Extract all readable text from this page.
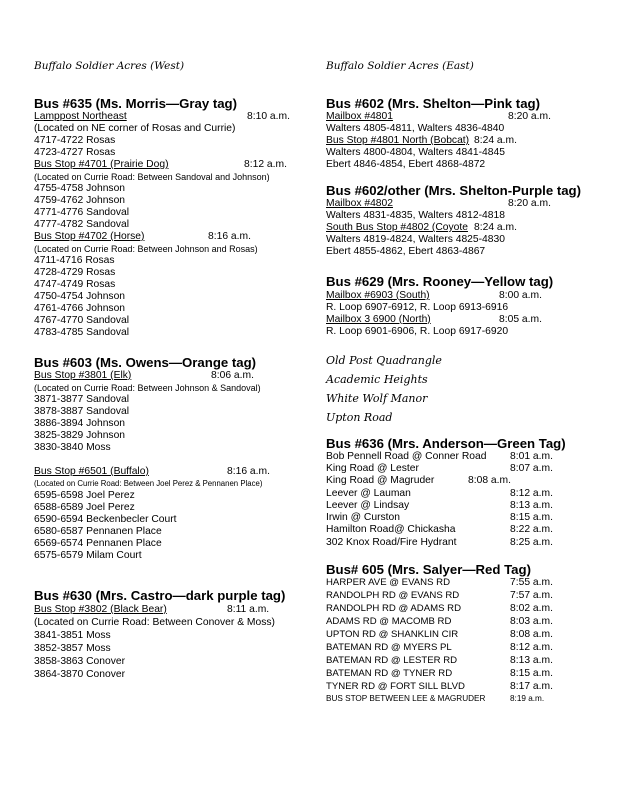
Buffalo Soldier Acres (West)
Bus #635 (Ms. Morris—Gray tag)
Lamppost Northeast	8:10 a.m.
(Located on NE corner of Rosas and Currie)
4717-4722 Rosas
4723-4727 Rosas
Bus Stop #4701 (Prairie Dog)	8:12 a.m.
(Located on Currie Road: Between Sandoval and Johnson)
4755-4758 Johnson
4759-4762 Johnson
4771-4776 Sandoval
4777-4782 Sandoval
Bus Stop #4702 (Horse)	8:16 a.m.
(Located on Currie Road: Between Johnson and Rosas)
4711-4716 Rosas
4728-4729 Rosas
4747-4749 Rosas
4750-4754 Johnson
4761-4766 Johnson
4767-4770 Sandoval
4783-4785 Sandoval
Bus #603 (Ms. Owens—Orange tag)
Bus Stop #3801 (Elk)	8:06 a.m.
(Located on Currie Road: Between Johnson & Sandoval)
3871-3877 Sandoval
3878-3887 Sandoval
3886-3894 Johnson
3825-3829 Johnson
3830-3840 Moss
Bus Stop #6501 (Buffalo)	8:16 a.m.
(Located on Currie Road: Between Joel Perez & Pennanen Place)
6595-6598 Joel Perez
6588-6589 Joel Perez
6590-6594 Beckenbecler Court
6580-6587 Pennanen Place
6569-6574 Pennanen Place
6575-6579 Milam Court
Bus #630 (Mrs. Castro—dark purple tag)
Bus Stop #3802 (Black Bear)	8:11 a.m.
(Located on Currie Road: Between Conover & Moss)
3841-3851 Moss
3852-3857 Moss
3858-3863 Conover
3864-3870 Conover
Buffalo Soldier Acres (East)
Bus #602 (Mrs. Shelton—Pink tag)
Mailbox #4801	8:20 a.m.
Walters 4805-4811, Walters 4836-4840
Bus Stop #4801 North (Bobcat) 8:24 a.m.
Walters 4800-4804, Walters 4841-4845
Ebert 4846-4854, Ebert 4868-4872
Bus #602/other (Mrs. Shelton-Purple tag)
Mailbox #4802	8:20 a.m.
Walters 4831-4835, Walters 4812-4818
South Bus Stop #4802 (Coyote 8:24 a.m.
Walters 4819-4824, Walters 4825-4830
Ebert 4855-4862, Ebert 4863-4867
Bus #629 (Mrs. Rooney—Yellow tag)
Mailbox #6903 (South)	8:00 a.m.
R. Loop 6907-6912, R. Loop 6913-6916
Mailbox 3 6900 (North)	8:05 a.m.
R. Loop 6901-6906, R. Loop 6917-6920
Old Post Quadrangle
Academic Heights
White Wolf Manor
Upton Road
Bus #636 (Mrs. Anderson—Green Tag)
Bob Pennell Road @ Conner Road 8:01 a.m.
King Road @ Lester	8:07 a.m.
King Road @ Magruder	8:08 a.m.
Leever @ Lauman	8:12 a.m.
Leever @ Lindsay	8:13 a.m.
Irwin @ Curston	8:15 a.m.
Hamilton Road@ Chickasha	8:22 a.m.
302 Knox Road/Fire Hydrant	8:25 a.m.
Bus# 605 (Mrs. Salyer—Red Tag)
HARPER AVE @ EVANS RD	7:55 a.m.
RANDOLPH RD @ EVANS RD	7:57 a.m.
RANDOLPH RD @ ADAMS RD	8:02 a.m.
ADAMS RD @ MACOMB RD	8:03 a.m.
UPTON RD @ SHANKLIN CIR	8:08 a.m.
BATEMAN RD @ MYERS PL	8:12 a.m.
BATEMAN RD @ LESTER RD	8:13 a.m.
BATEMAN RD @ TYNER RD	8:15 a.m.
TYNER RD @ FORT SILL BLVD	8:17 a.m.
BUS STOP BETWEEN LEE & MAGRUDER	8:19 a.m.
